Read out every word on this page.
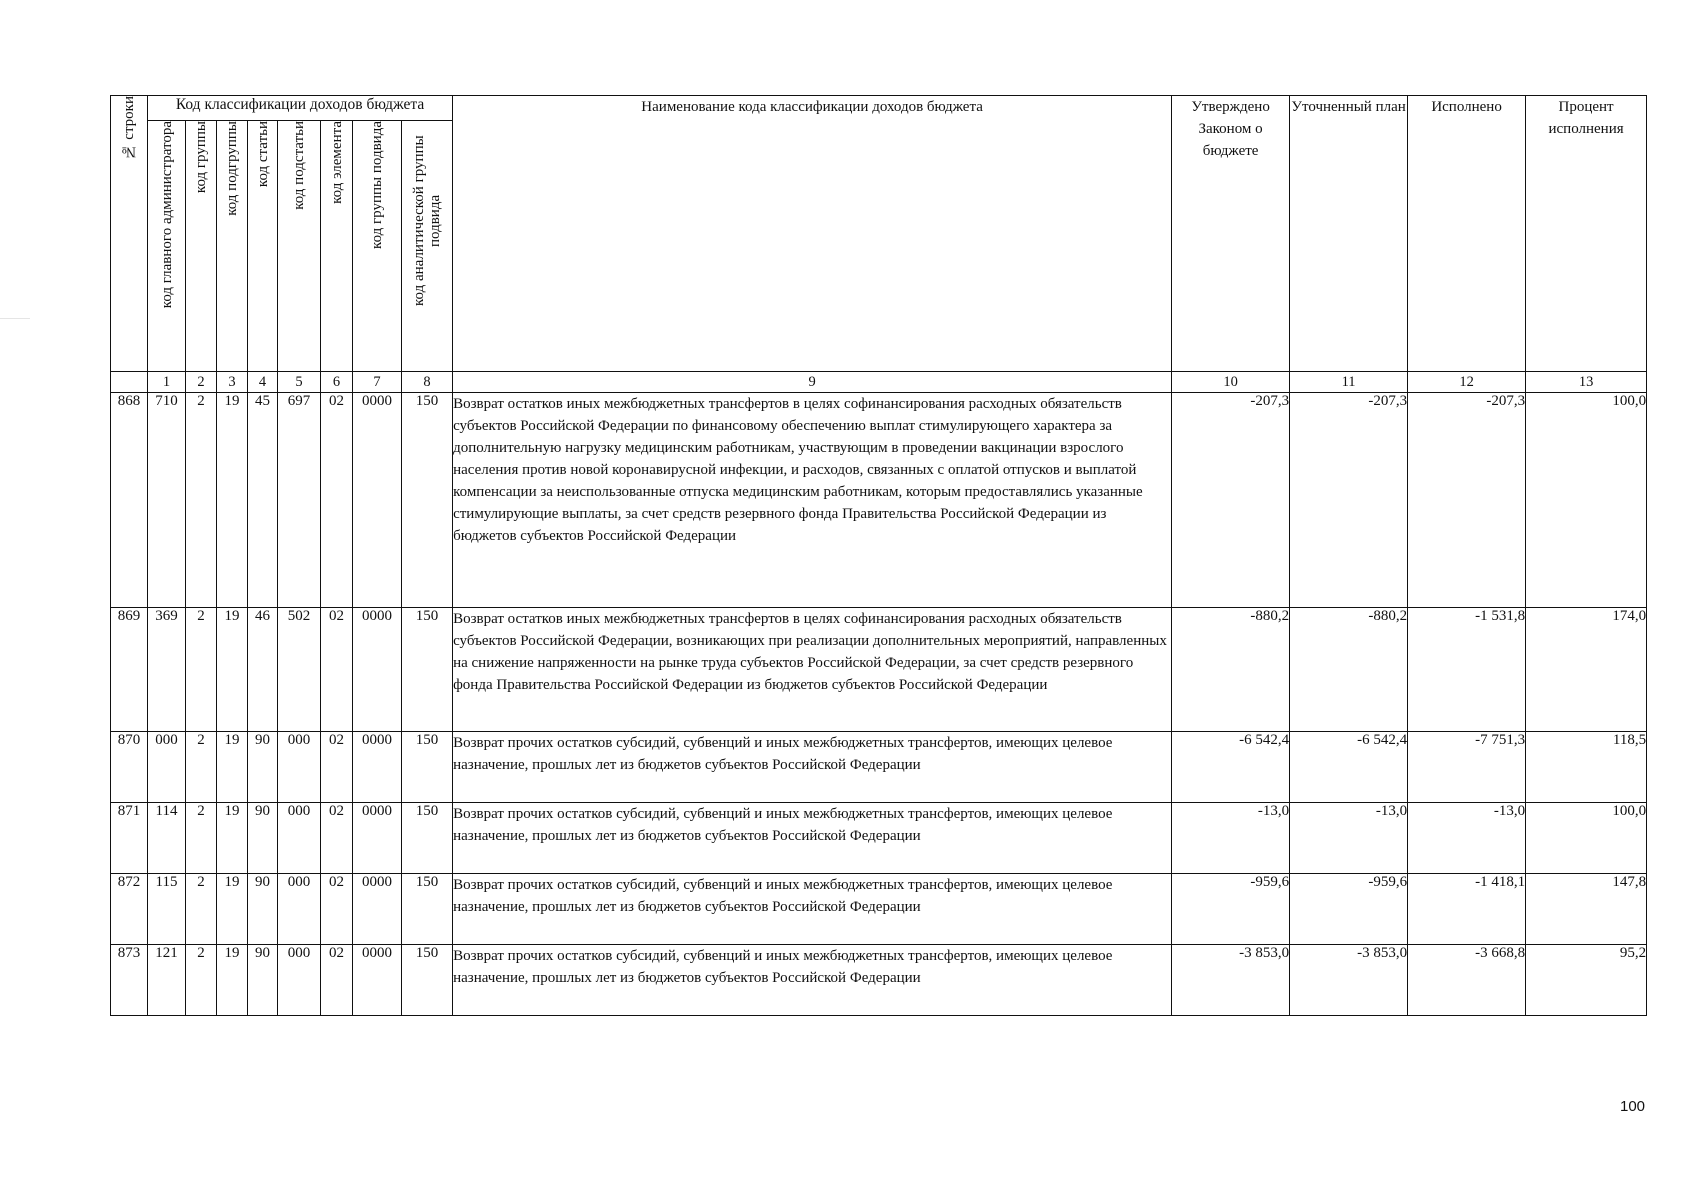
№ строки	Код классификации доходов бюджета								Наименование кода классификации доходов бюджета	Утверждено Законом о бюджете	Уточненный план	Исполнено	Процент исполнения
	код главного администратора	код группы	код подгруппы	код статьи	код подстатьи	код элемента	код группы подвида	код аналитической группы подвида					
	1	2	3	4	5	6	7	8	9	10	11	12	13
868	710	2	19	45	697	02	0000	150	Возврат остатков иных межбюджетных трансфертов в целях софинансирования расходных обязательств субъектов Российской Федерации по финансовому обеспечению выплат стимулирующего характера за дополнительную нагрузку медицинским работникам, участвующим в проведении вакцинации взрослого населения против новой коронавирусной инфекции, и расходов, связанных с оплатой отпусков и выплатой компенсации за неиспользованные отпуска медицинским работникам, которым предоставлялись указанные стимулирующие выплаты, за счет средств резервного фонда Правительства Российской Федерации из бюджетов субъектов Российской Федерации	-207,3	-207,3	-207,3	100,0
869	369	2	19	46	502	02	0000	150	Возврат остатков иных межбюджетных трансфертов в целях софинансирования расходных обязательств субъектов Российской Федерации, возникающих при реализации дополнительных мероприятий, направленных на снижение напряженности на рынке труда субъектов Российской Федерации, за счет средств резервного фонда Правительства Российской Федерации из бюджетов субъектов Российской Федерации	-880,2	-880,2	-1 531,8	174,0
870	000	2	19	90	000	02	0000	150	Возврат прочих остатков субсидий, субвенций и иных межбюджетных трансфертов, имеющих целевое назначение, прошлых лет из бюджетов субъектов Российской Федерации	-6 542,4	-6 542,4	-7 751,3	118,5
871	114	2	19	90	000	02	0000	150	Возврат прочих остатков субсидий, субвенций и иных межбюджетных трансфертов, имеющих целевое назначение, прошлых лет из бюджетов субъектов Российской Федерации	-13,0	-13,0	-13,0	100,0
872	115	2	19	90	000	02	0000	150	Возврат прочих остатков субсидий, субвенций и иных межбюджетных трансфертов, имеющих целевое назначение, прошлых лет из бюджетов субъектов Российской Федерации	-959,6	-959,6	-1 418,1	147,8
873	121	2	19	90	000	02	0000	150	Возврат прочих остатков субсидий, субвенций и иных межбюджетных трансфертов, имеющих целевое назначение, прошлых лет из бюджетов субъектов Российской Федерации	-3 853,0	-3 853,0	-3 668,8	95,2
100
